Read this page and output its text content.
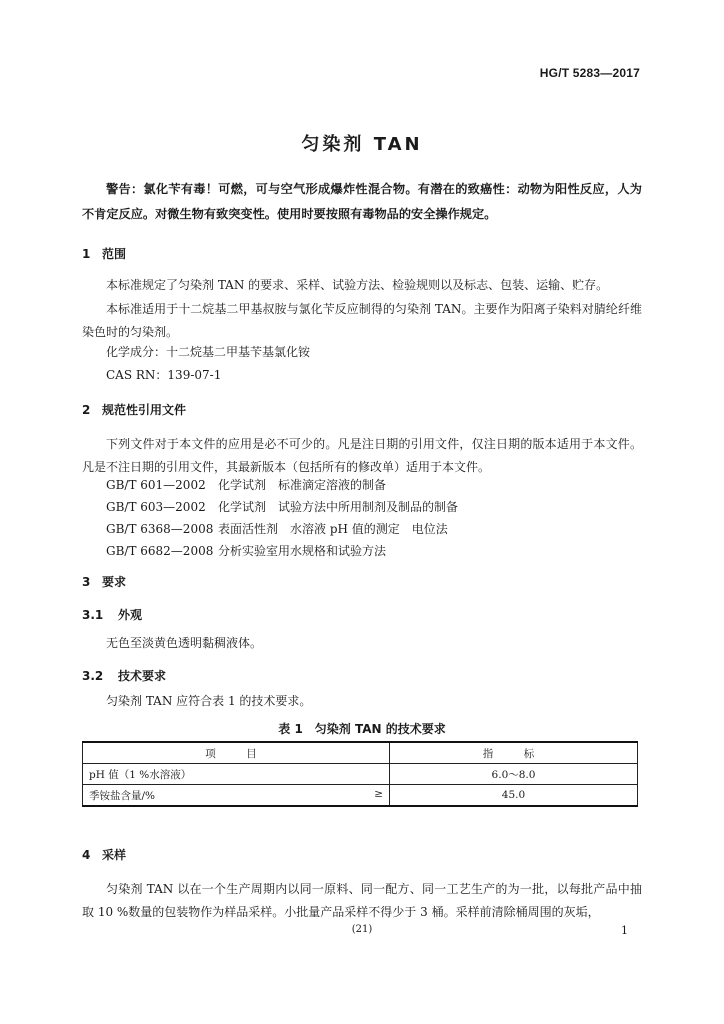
HG/T 5283—2017
匀染剂 TAN
警告：氯化苄有毒！可燃，可与空气形成爆炸性混合物。有潜在的致癌性：动物为阳性反应，人为不肯定反应。对微生物有致突变性。使用时要按照有毒物品的安全操作规定。
1 范围
本标准规定了匀染剂 TAN 的要求、采样、试验方法、检验规则以及标志、包装、运输、贮存。
本标准适用于十二烷基二甲基叔胺与氯化苄反应制得的匀染剂 TAN。主要作为阳离子染料对腈纶纤维染色时的匀染剂。
化学成分：十二烷基二甲基苄基氯化铵
CAS RN：139-07-1
2 规范性引用文件
下列文件对于本文件的应用是必不可少的。凡是注日期的引用文件，仅注日期的版本适用于本文件。凡是不注日期的引用文件，其最新版本（包括所有的修改单）适用于本文件。
GB/T 601—2002 化学试剂　标准滴定溶液的制备
GB/T 603—2002 化学试剂　试验方法中所用制剂及制品的制备
GB/T 6368—2008 表面活性剂　水溶液 pH 值的测定　电位法
GB/T 6682—2008 分析实验室用水规格和试验方法
3 要求
3.1 外观
无色至淡黄色透明黏稠液体。
3.2 技术要求
匀染剂 TAN 应符合表 1 的技术要求。
表 1　匀染剂 TAN 的技术要求
项　目	指　标
pH 值（1 %水溶液）	6.0～8.0
季铵盐含量/% ≥	45.0
4 采样
匀染剂 TAN 以在一个生产周期内以同一原料、同一配方、同一工艺生产的为一批，以每批产品中抽取 10 %数量的包装物作为样品采样。小批量产品采样不得少于 3 桶。采样前清除桶周围的灰垢，
(21)	1
